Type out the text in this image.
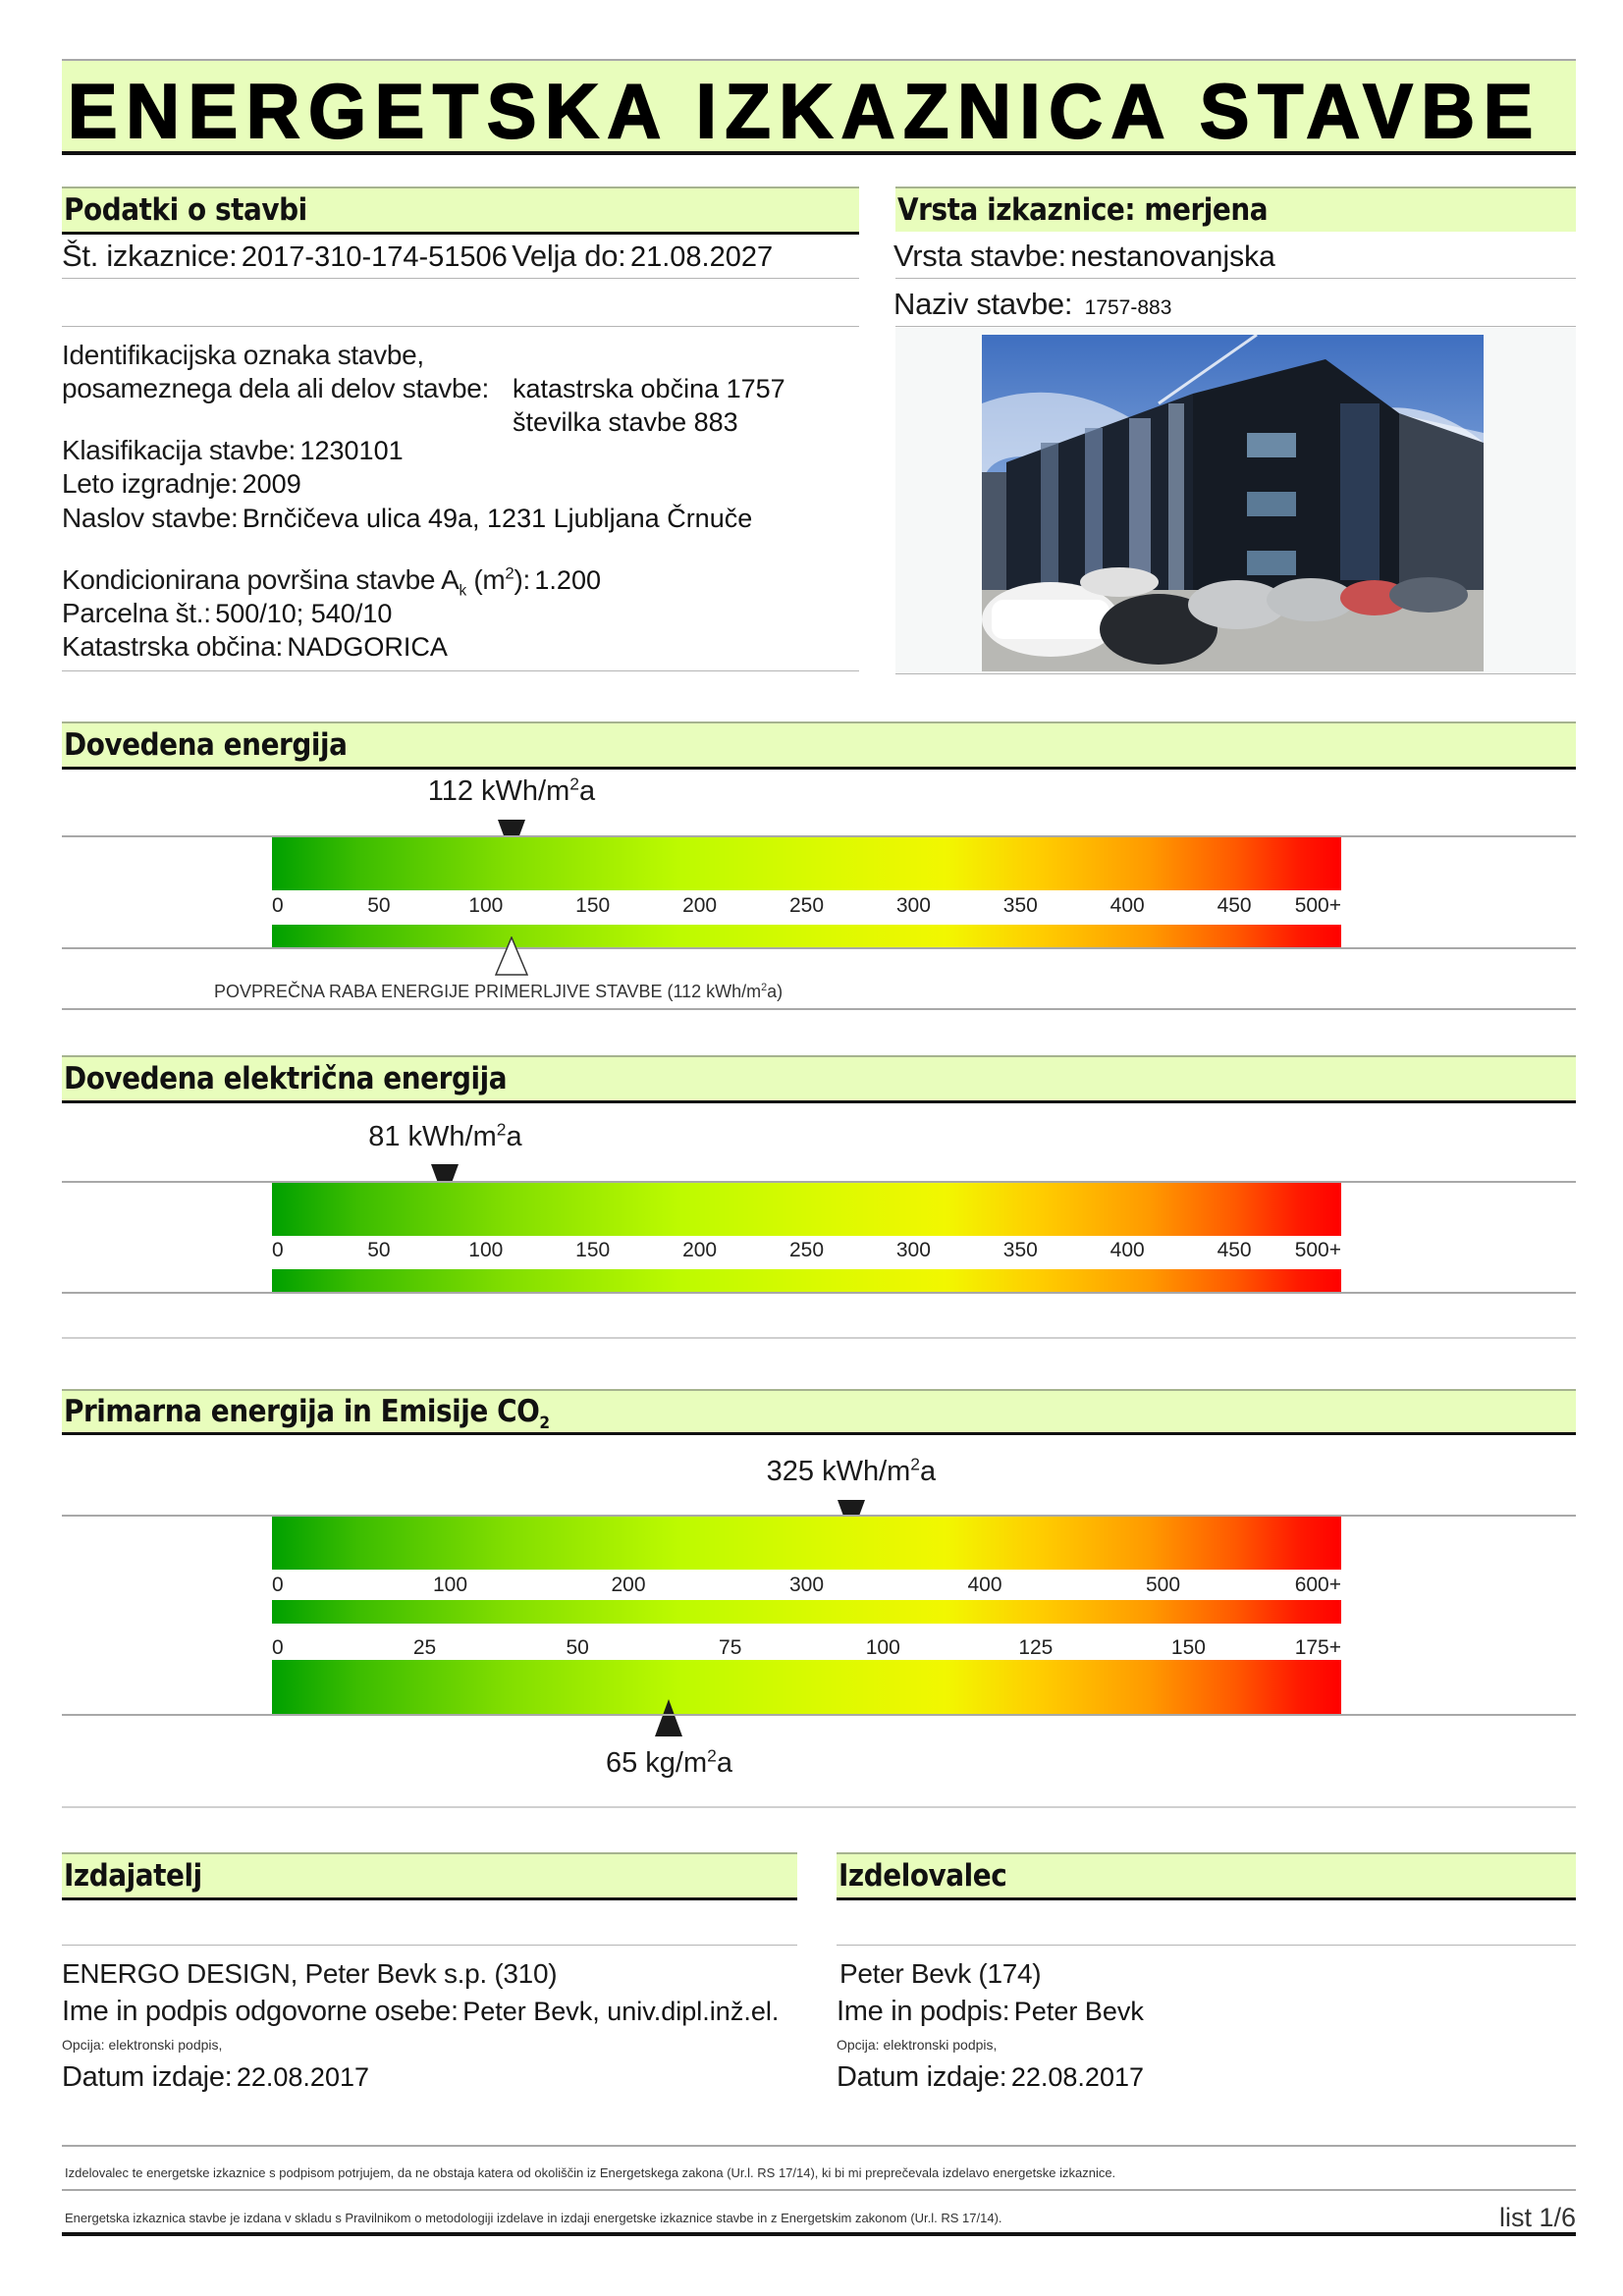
ENERGETSKA IZKAZNICA STAVBE
Podatki o stavbi
Št. izkaznice: 2017-310-174-51506 Velja do: 21.08.2027
Identifikacijska oznaka stavbe,
posameznega dela ali delov stavbe: katastrska občina 1757
številka stavbe 883
Klasifikacija stavbe: 1230101
Leto izgradnje: 2009
Naslov stavbe: Brnčičeva ulica 49a, 1231 Ljubljana Črnuče
Kondicionirana površina stavbe $A_k$ $(m^2)$: 1.200
Parcelna št.: 500/10; 540/10
Katastrska občina: NADGORICA
Vrsta izkaznice: merjena
Vrsta stavbe: nestanovanjska
Naziv stavbe: 1757-883
Dovedena energija
112 kWh/$m^2a$
0	50	100	150	200	250	300	350	400	450 500+
POVPREČNA RABA ENERGIJE PRIMERLJIVE STAVBE (112 kWh/$m^2a$)
Dovedena električna energija
81 kWh/$m^2a$
0	50	100	150	200	250	300	350	400	450 500+
Primarna energija in Emisije $CO_2$
325 kWh/$m^2a$
0	100	200	300	400	500	600+
0	25	50	75	100	125	150	175+
65 $kg/m^2a$
Izdajatelj
ENERGO DESIGN, Peter Bevk s.p. (310)
Ime in podpis odgovorne osebe: Peter Bevk, univ.dipl.inž.el.
Opcija: elektronski podpis,
Datum izdaje: 22.08.2017
Izdelovalec
Peter Bevk (174)
Ime in podpis: Peter Bevk
Opcija: elektronski podpis,
Datum izdaje: 22.08.2017
Izdelovalec te energetske izkaznice s podpisom potrjujem, da ne obstaja katera od okoliščin iz Energetskega zakona (Ur.l. RS 17/14), ki bi mi preprečevala izdelavo energetske izkaznice.
Energetska izkaznica stavbe je izdana v skladu s Pravilnikom o metodologiji izdelave in izdaji energetske izkaznice stavbe in z Energetskim zakonom (Ur.l. RS 17/14).	list 1/6
